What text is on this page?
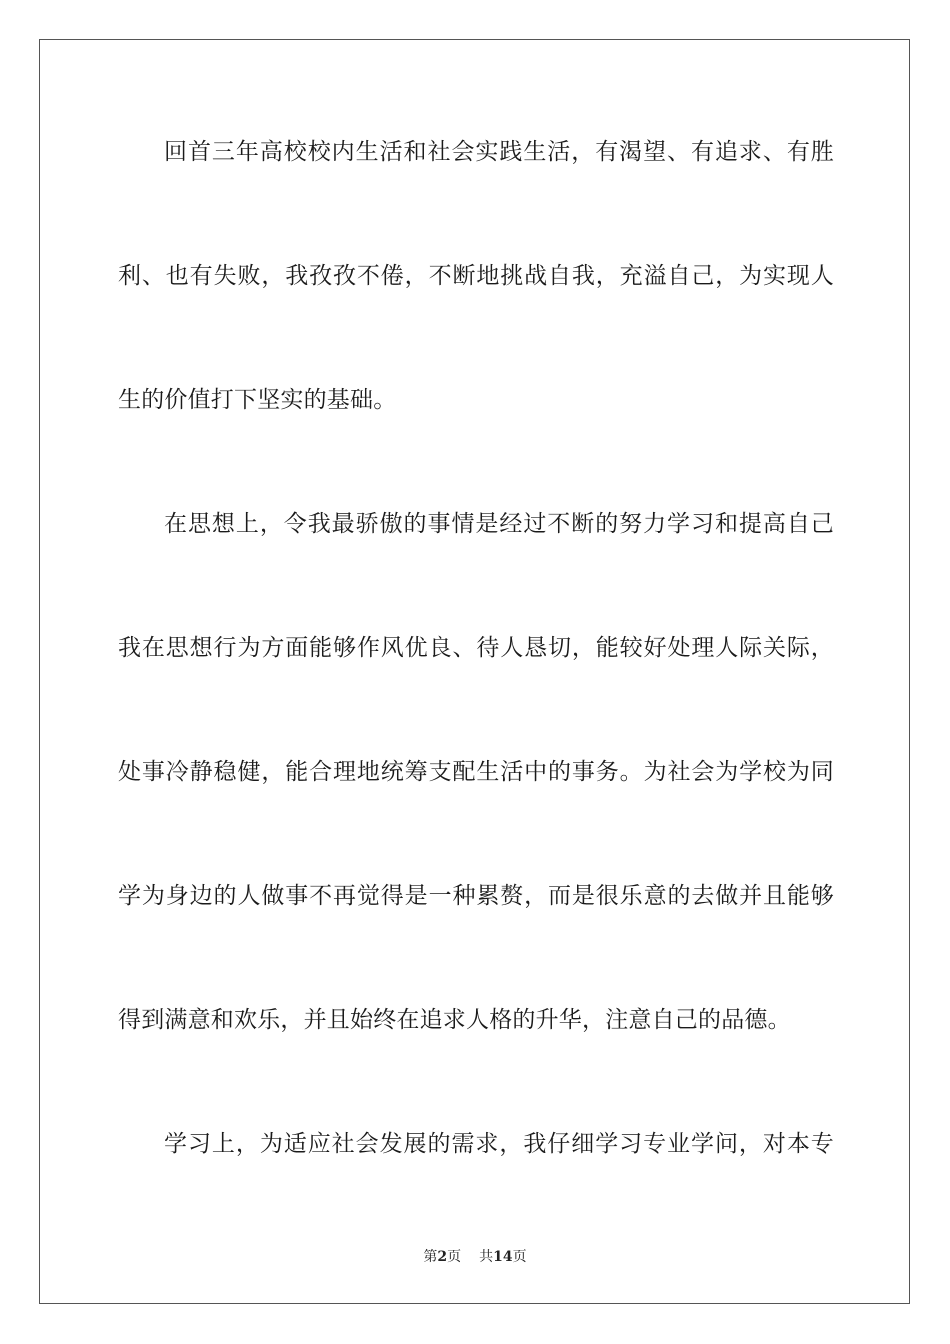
回首三年高校校内生活和社会实践生活，有渴望、有追求、有胜
利、也有失败，我孜孜不倦，不断地挑战自我，充溢自己，为实现人
生的价值打下坚实的基础。
在思想上，令我最骄傲的事情是经过不断的努力学习和提高自己
我在思想行为方面能够作风优良、待人恳切，能较好处理人际关际，
处事冷静稳健，能合理地统筹支配生活中的事务。为社会为学校为同
学为身边的人做事不再觉得是一种累赘，而是很乐意的去做并且能够
得到满意和欢乐，并且始终在追求人格的升华，注意自己的品德。
学习上，为适应社会发展的需求，我仔细学习专业学问，对本专
第2页 共14页
